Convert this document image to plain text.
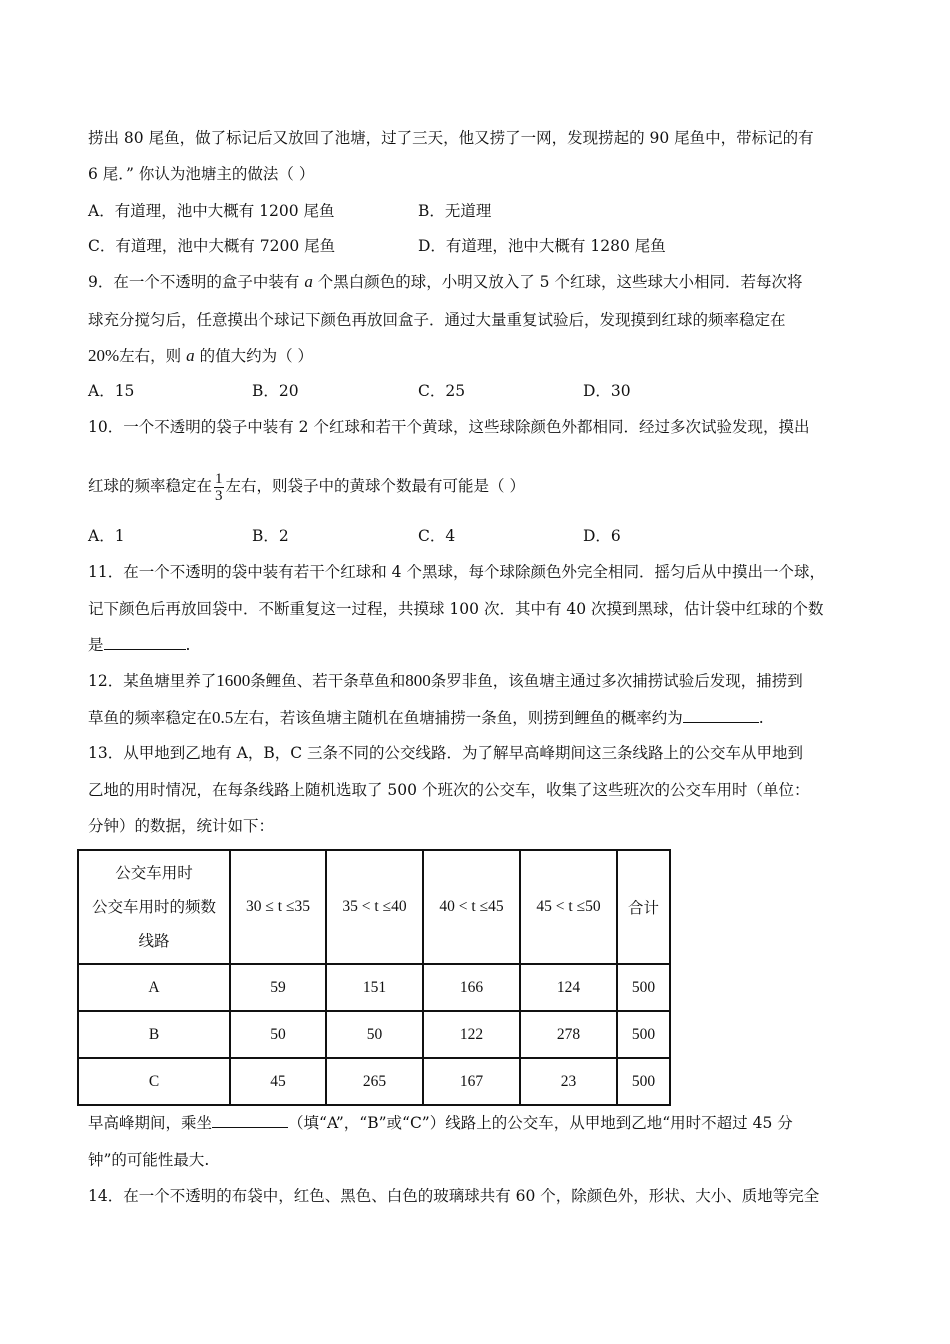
捞出 80 尾鱼，做了标记后又放回了池塘，过了三天，他又捞了一网，发现捞起的 90 尾鱼中，带标记的有
6 尾．” 你认为池塘主的做法（ ）
A．有道理，池中大概有 1200 尾鱼	B．无道理
C．有道理，池中大概有 7200 尾鱼	D．有道理，池中大概有 1280 尾鱼
9．在一个不透明的盒子中装有 a 个黑白颜色的球，小明又放入了 5 个红球，这些球大小相同．若每次将
球充分搅匀后，任意摸出个球记下颜色再放回盒子．通过大量重复试验后，发现摸到红球的频率稳定在
20%左右，则 a 的值大约为（ ）
A．15	B．20	C．25	D．30
10．一个不透明的袋子中装有 2 个红球和若干个黄球，这些球除颜色外都相同．经过多次试验发现，摸出
红球的频率稳定在 $\frac{1}{3}$ 左右，则袋子中的黄球个数最有可能是（ ）
A．1	B．2	C．4	D．6
11．在一个不透明的袋中装有若干个红球和 4 个黑球，每个球除颜色外完全相同．摇匀后从中摸出一个球，
记下颜色后再放回袋中．不断重复这一过程，共摸球 100 次．其中有 40 次摸到黑球，估计袋中红球的个数
是	.
12．某鱼塘里养了1600条鲤鱼、若干条草鱼和800条罗非鱼，该鱼塘主通过多次捕捞试验后发现，捕捞到
草鱼的频率稳定在0.5左右，若该鱼塘主随机在鱼塘捕捞一条鱼，则捞到鲤鱼的概率约为	.
13．从甲地到乙地有 A，B，C 三条不同的公交线路．为了解早高峰期间这三条线路上的公交车从甲地到
乙地的用时情况，在每条线路上随机选取了 500 个班次的公交车，收集了这些班次的公交车用时（单位：
分钟）的数据，统计如下：
公交车用时
公交车用时的频数
线路	30 ≤ t ≤35	35 < t ≤40	40 < t ≤45	45 < t ≤50	合计
A	59	151	166	124	500
B	50	50	122	278	500
C	45	265	167	23	500
早高峰期间，乘坐	（填“A”，“B”或“C”）线路上的公交车，从甲地到乙地“用时不超过 45 分
钟”的可能性最大.
14．在一个不透明的布袋中，红色、黑色、白色的玻璃球共有 60 个，除颜色外，形状、大小、质地等完全
